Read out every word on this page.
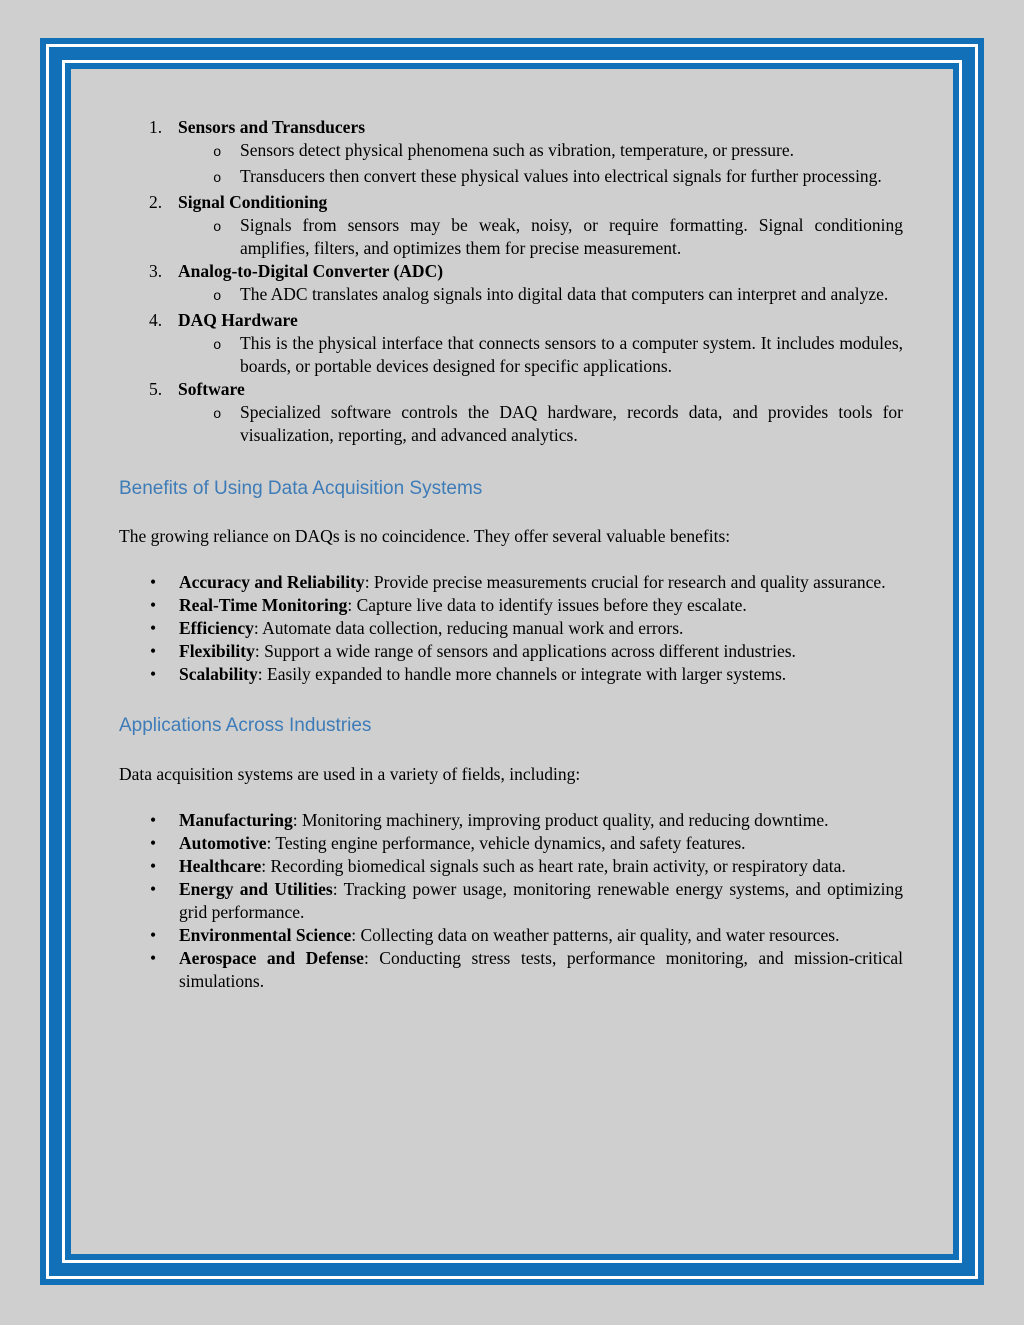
1. Sensors and Transducers
o	Sensors detect physical phenomena such as vibration, temperature, or pressure.
o	Transducers then convert these physical values into electrical signals for further processing.
2. Signal Conditioning
o	Signals from sensors may be weak, noisy, or require formatting. Signal conditioning amplifies, filters, and optimizes them for precise measurement.
3. Analog-to-Digital Converter (ADC)
o	The ADC translates analog signals into digital data that computers can interpret and analyze.
4. DAQ Hardware
o	This is the physical interface that connects sensors to a computer system. It includes modules, boards, or portable devices designed for specific applications.
5. Software
o	Specialized software controls the DAQ hardware, records data, and provides tools for visualization, reporting, and advanced analytics.
Benefits of Using Data Acquisition Systems
The growing reliance on DAQs is no coincidence. They offer several valuable benefits:
•	Accuracy and Reliability: Provide precise measurements crucial for research and quality assurance.
•	Real-Time Monitoring: Capture live data to identify issues before they escalate.
•	Efficiency: Automate data collection, reducing manual work and errors.
•	Flexibility: Support a wide range of sensors and applications across different industries.
•	Scalability: Easily expanded to handle more channels or integrate with larger systems.
Applications Across Industries
Data acquisition systems are used in a variety of fields, including:
•	Manufacturing: Monitoring machinery, improving product quality, and reducing downtime.
•	Automotive: Testing engine performance, vehicle dynamics, and safety features.
•	Healthcare: Recording biomedical signals such as heart rate, brain activity, or respiratory data.
•	Energy and Utilities: Tracking power usage, monitoring renewable energy systems, and optimizing grid performance.
•	Environmental Science: Collecting data on weather patterns, air quality, and water resources.
•	Aerospace and Defense: Conducting stress tests, performance monitoring, and mission-critical simulations.
